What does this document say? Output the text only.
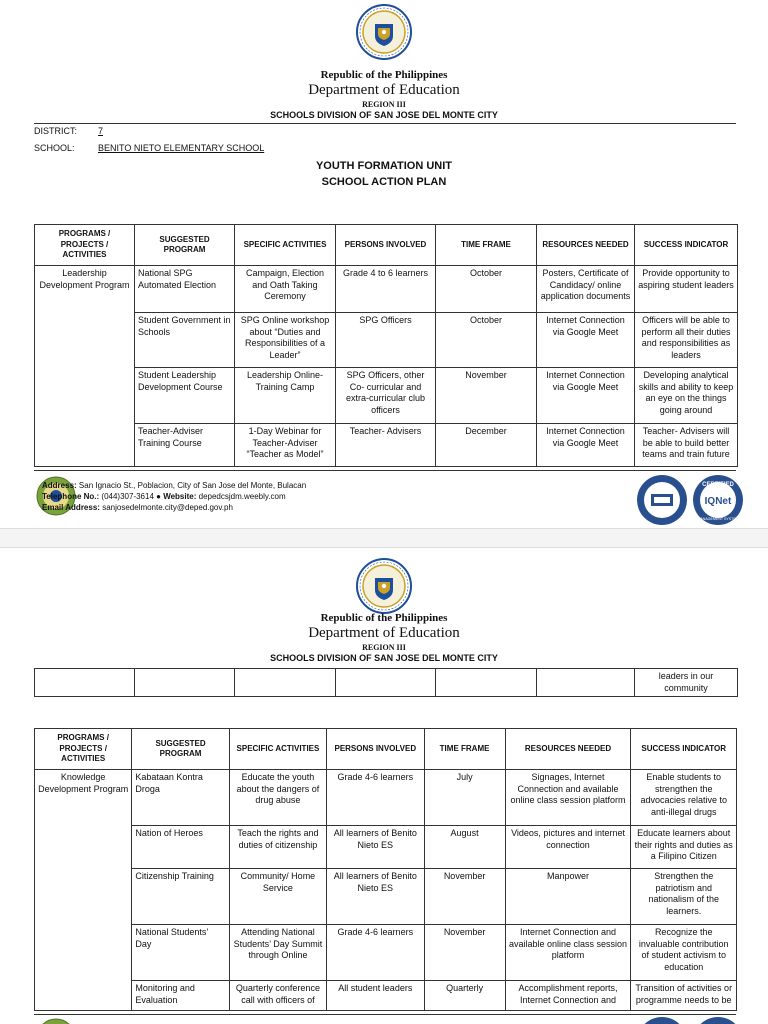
Republic of the Philippines
Department of Education
REGION III
SCHOOLS DIVISION OF SAN JOSE DEL MONTE CITY
DISTRICT: 7
SCHOOL:	BENITO NIETO ELEMENTARY SCHOOL
YOUTH FORMATION UNIT
SCHOOL ACTION PLAN
PROGRAMS / PROJECTS / ACTIVITIES	SUGGESTED PROGRAM	SPECIFIC ACTIVITIES	PERSONS INVOLVED	TIME FRAME	RESOURCES NEEDED	SUCCESS INDICATOR
Leadership Development Program	National SPG Automated Election	Campaign, Election and Oath Taking Ceremony	Grade 4 to 6 learners	October	Posters, Certificate of Candidacy/ online application documents	Provide opportunity to aspiring student leaders
	Student Government in Schools	SPG Online workshop about “Duties and Responsibilities of a Leader”	SPG Officers	October	Internet Connection via Google Meet	Officers will be able to perform all their duties and responsibilities as leaders
	Student Leadership Development Course	Leadership Online-Training Camp	SPG Officers, other Co- curricular and extra-curricular club officers	November	Internet Connection via Google Meet	Developing analytical skills and ability to keep an eye on the things going around
	Teacher-Adviser Training Course	1-Day Webinar for Teacher-Adviser “Teacher as Model”	Teacher- Advisers	December	Internet Connection via Google Meet	Teacher- Advisers will be able to build better teams and train future
Address: San Ignacio St., Poblacion, City of San Jose del Monte, Bulacan
Telephone No.: (044)307-3614 ● Website: depedcsjdm.weebly.com
Email Address: sanjosedelmonte.city@deped.gov.ph
CERTIFIED
IQNet
MANAGEMENT SYSTEM
Republic of the Philippines
Department of Education
REGION III
SCHOOLS DIVISION OF SAN JOSE DEL MONTE CITY
						leaders in our community
PROGRAMS / PROJECTS / ACTIVITIES	SUGGESTED PROGRAM	SPECIFIC ACTIVITIES	PERSONS INVOLVED	TIME FRAME	RESOURCES NEEDED	SUCCESS INDICATOR
Knowledge Development Program	Kabataan Kontra Droga	Educate the youth about the dangers of drug abuse	Grade 4-6 learners	July	Signages, Internet Connection and available online class session platform	Enable students to strengthen the advocacies relative to anti-illegal drugs
	Nation of Heroes	Teach the rights and duties of citizenship	All learners of Benito Nieto ES	August	Videos, pictures and internet connection	Educate learners about their rights and duties as a Filipino Citizen
	Citizenship Training	Community/ Home Service	All learners of Benito Nieto ES	November	Manpower	Strengthen the patriotism and nationalism of the learners.
	National Students’ Day	Attending National Students’ Day Summit through Online	Grade 4-6 learners	November	Internet Connection and available online class session platform	Recognize the invaluable contribution of student activism to education
	Monitoring and Evaluation	Quarterly conference call with officers of	All student leaders	Quarterly	Accomplishment reports, Internet Connection and	Transition of activities or programme needs to be
